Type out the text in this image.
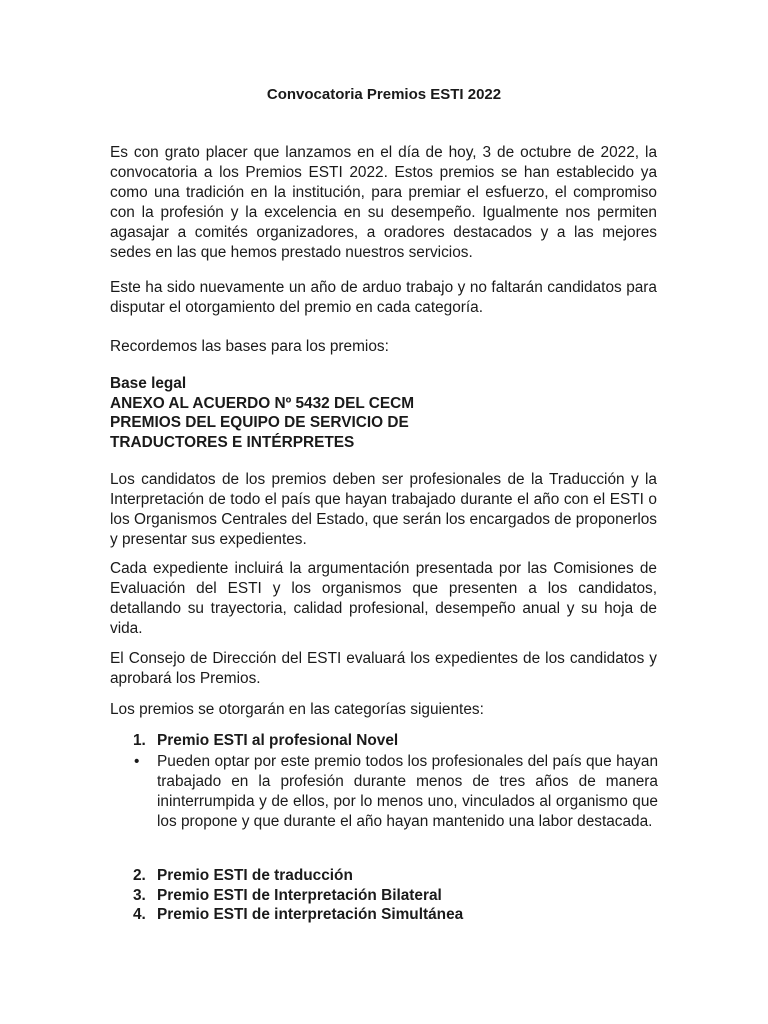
Convocatoria Premios ESTI 2022
Es con grato placer que lanzamos en el día de hoy, 3 de octubre de 2022, la convocatoria a los Premios ESTI 2022. Estos premios se han establecido ya como una tradición en la institución, para premiar el esfuerzo, el compromiso con la profesión y la excelencia en su desempeño. Igualmente nos permiten agasajar a comités organizadores, a oradores destacados y a las mejores sedes en las que hemos prestado nuestros servicios.
Este ha sido nuevamente un año de arduo trabajo y no faltarán candidatos para disputar el otorgamiento del premio en cada categoría.
Recordemos las bases para los premios:
Base legal
ANEXO AL ACUERDO Nº 5432 DEL CECM
PREMIOS DEL EQUIPO DE SERVICIO DE
TRADUCTORES E INTÉRPRETES
Los candidatos de los premios deben ser profesionales de la Traducción y la Interpretación de todo el país que hayan trabajado durante el año con el ESTI o los Organismos Centrales del Estado, que serán los encargados de proponerlos y presentar sus expedientes.
Cada expediente incluirá la argumentación presentada por las Comisiones de Evaluación del ESTI y los organismos que presenten a los candidatos, detallando su trayectoria, calidad profesional, desempeño anual y su hoja de vida.
El Consejo de Dirección del ESTI evaluará los expedientes de los candidatos y aprobará los Premios.
Los premios se otorgarán en las categorías siguientes:
1. Premio ESTI al profesional Novel
• Pueden optar por este premio todos los profesionales del país que hayan trabajado en la profesión durante menos de tres años de manera ininterrumpida y de ellos, por lo menos uno, vinculados al organismo que los propone y que durante el año hayan mantenido una labor destacada.
2. Premio ESTI de traducción
3. Premio ESTI de Interpretación Bilateral
4. Premio ESTI de interpretación Simultánea
